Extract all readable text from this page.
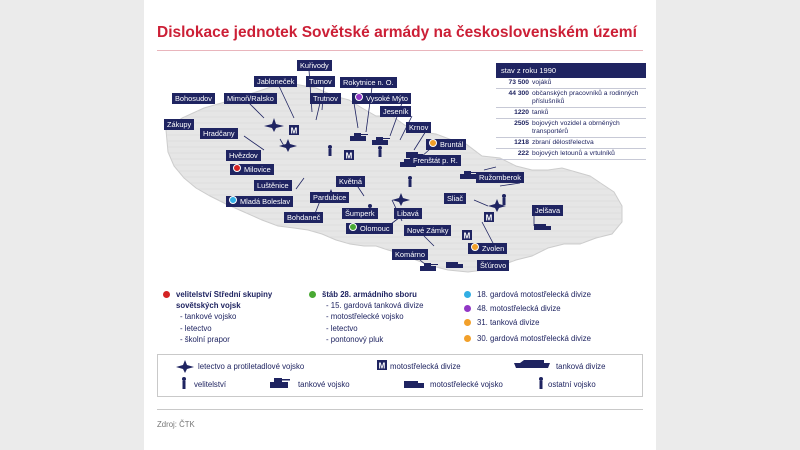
Dislokace jednotek Sovětské armády na československém území
M
M
M
M
Kuřivody
Jablonec̆ek	Turnov
Bohosudov	Mimoň/Ralsko	Trutnov
Rokytnice n. O.
Vysoké Mýto
Jeseník
Zákupy
Hradčany
Krnov
Bruntál
Hvězdov
Milovice
Frenštát p. R.
Luštěnice	Květná	Ružomberok
Pardubice
Mladá Boleslav	Sliač
Bohdaneč	Šumperk	Libavá	Jelšava
Olomouc	Nové Zámky
Zvolen
Komárno
Šťúrovo
stav z roku 1990
73 500 vojáků
44 300 občanských pracovníků a rodinných příslušníků
1220 tanků
2505 bojových vozidel a obrněných transportérů
1218 zbraní dělostřelectva
222 bojových letounů a vrtulníků
velitelství Střední skupiny sovětských vojsk
- tankové vojsko
- letectvo
- školní prapor
štáb 28. armádního sboru
- 15. gardová tanková divize
- motostřelecké vojsko
- letectvo
- pontonový pluk
18. gardová motostřelecká divize
48. motostřelecká divize
31. tanková divize
30. gardová motostřelecká divize
M
letectvo a protiletadlové vojsko	motostřelecká divize	tanková divize
velitelství	tankové vojsko	motostřelecké vojsko	ostatní vojsko
Zdroj: ČTK
